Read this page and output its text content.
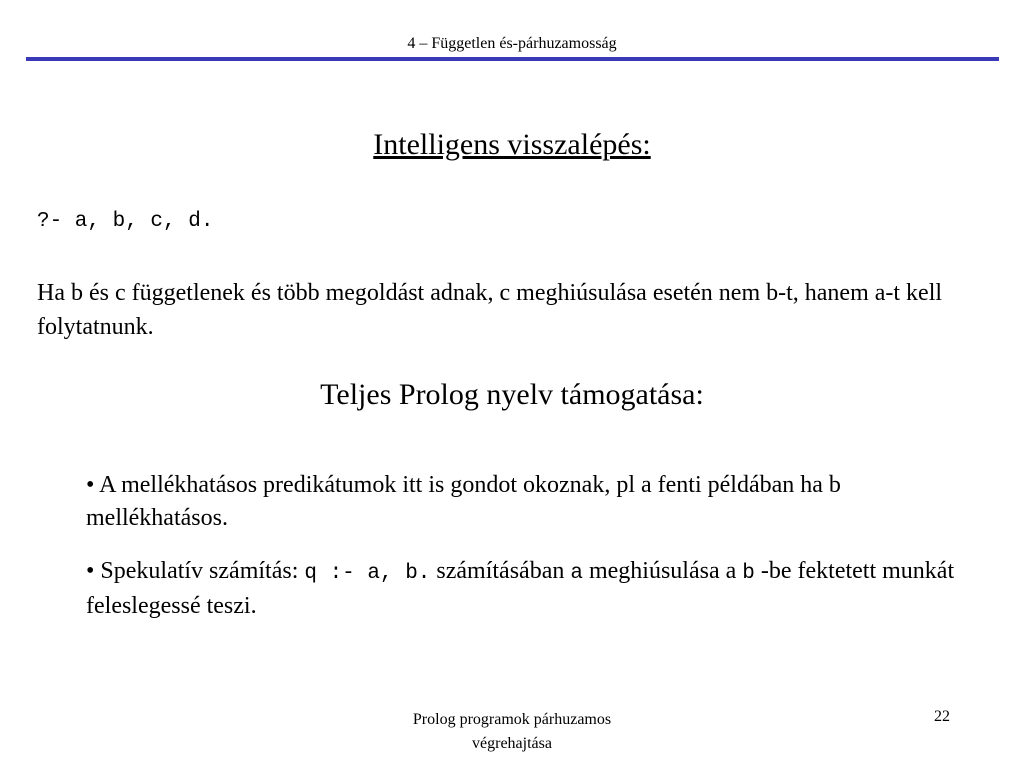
4 – Független és-párhuzamosság
Intelligens visszalépés:
?- a, b, c, d.
Ha b és c függetlenek és több megoldást adnak, c meghiúsulása esetén nem b-t, hanem a-t kell folytatnunk.
Teljes Prolog nyelv támogatása:
• A mellékhatásos predikátumok itt is gondot okoznak, pl a fenti példában ha b mellékhatásos.
• Spekulatív számítás: q :- a, b. számításában a meghiúsulása a b -be fektetett munkát feleslegessé teszi.
Prolog programok párhuzamos
végrehajtása
22
